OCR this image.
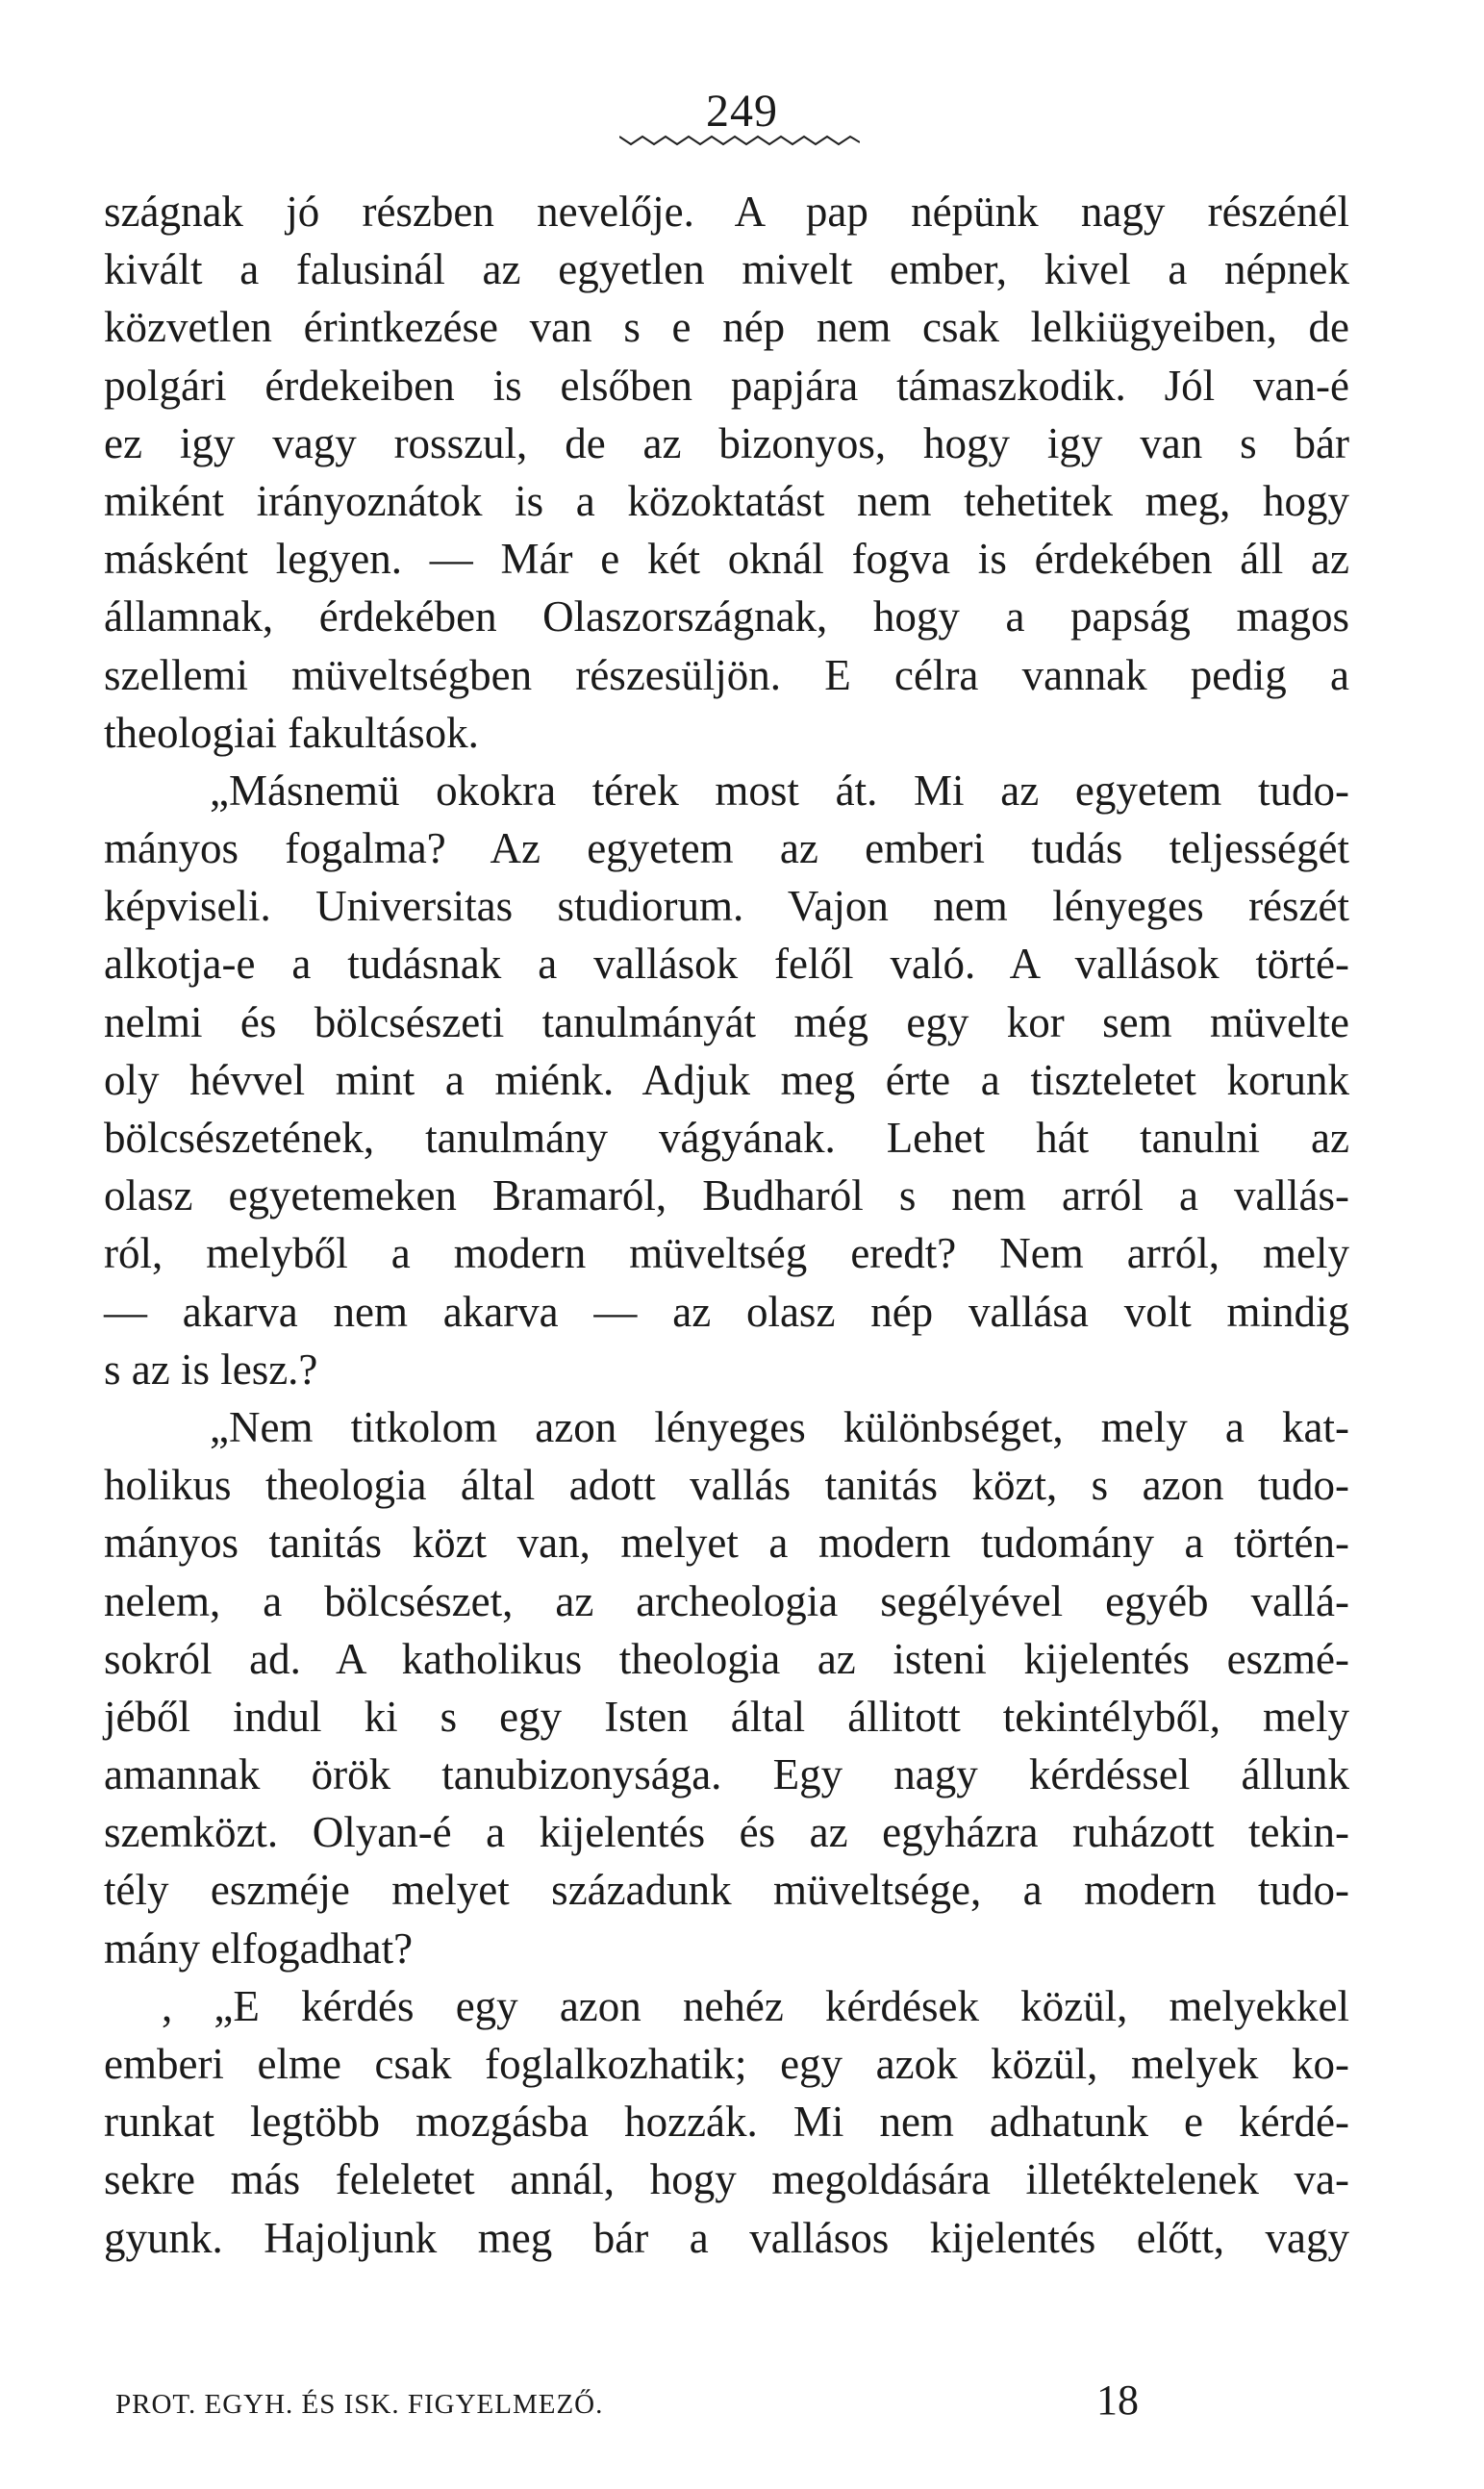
249
szágnak jó részben nevelője. A pap népünk nagy részénél
kivált a falusinál az egyetlen mivelt ember, kivel a népnek
közvetlen érintkezése van s e nép nem csak lelkiügyeiben, de
polgári érdekeiben is elsőben papjára támaszkodik. Jól van-é
ez igy vagy rosszul, de az bizonyos, hogy igy van s bár
miként irányoznátok is a közoktatást nem tehetitek meg, hogy
másként legyen. — Már e két oknál fogva is érdekében áll az
államnak, érdekében Olaszországnak, hogy a papság magos
szellemi müveltségben részesüljön. E célra vannak pedig a
theologiai fakultások.
„Másnemü okokra térek most át. Mi az egyetem tudo-
mányos fogalma? Az egyetem az emberi tudás teljességét
képviseli. Universitas studiorum. Vajon nem lényeges részét
alkotja-e a tudásnak a vallások felől való. A vallások törté-
nelmi és bölcsészeti tanulmányát még egy kor sem müvelte
oly hévvel mint a miénk. Adjuk meg érte a tiszteletet korunk
bölcsészetének, tanulmány vágyának. Lehet hát tanulni az
olasz egyetemeken Bramaról, Budharól s nem arról a vallás-
ról, melyből a modern müveltség eredt? Nem arról, mely
— akarva nem akarva — az olasz nép vallása volt mindig
s az is lesz.?
„Nem titkolom azon lényeges különbséget, mely a kat-
holikus theologia által adott vallás tanitás közt, s azon tudo-
mányos tanitás közt van, melyet a modern tudomány a történ-
nelem, a bölcsészet, az archeologia segélyével egyéb vallá-
sokról ad. A katholikus theologia az isteni kijelentés eszmé-
jéből indul ki s egy Isten által állitott tekintélyből, mely
amannak örök tanubizonysága. Egy nagy kérdéssel állunk
szemközt. Olyan-é a kijelentés és az egyházra ruházott tekin-
tély eszméje melyet századunk müveltsége, a modern tudo-
mány elfogadhat?
, „E kérdés egy azon nehéz kérdések közül, melyekkel
emberi elme csak foglalkozhatik; egy azok közül, melyek ko-
runkat legtöbb mozgásba hozzák. Mi nem adhatunk e kérdé-
sekre más feleletet annál, hogy megoldására illetéktelenek va-
gyunk. Hajoljunk meg bár a vallásos kijelentés előtt, vagy
PROT. EGYH. ÉS ISK. FIGYELMEZŐ.	18
